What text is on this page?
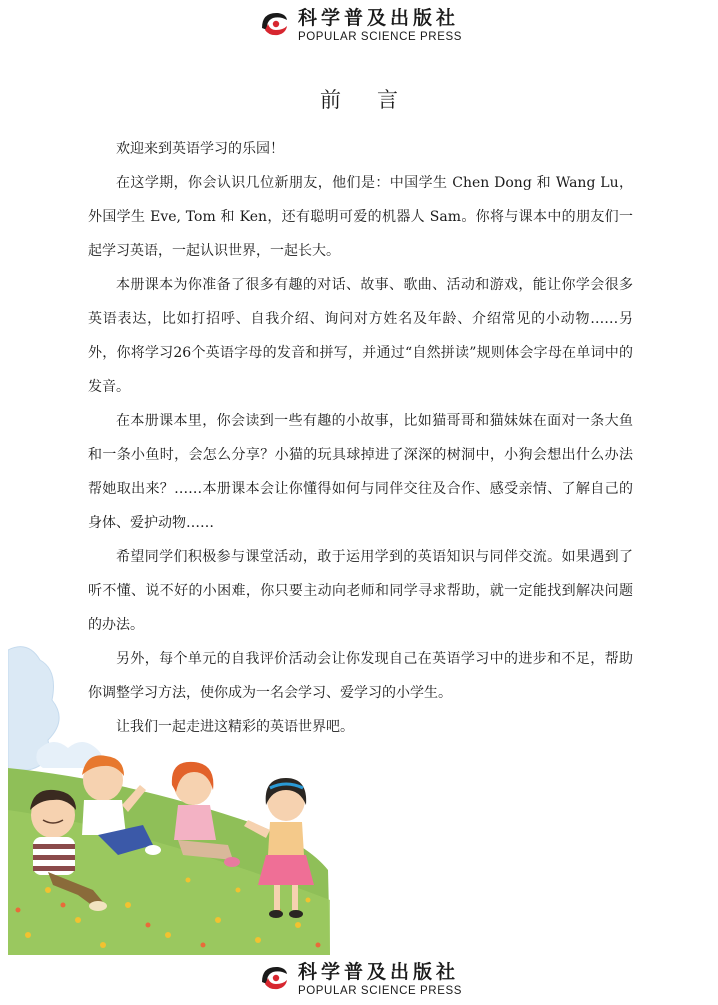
科学普及出版社
POPULAR SCIENCE PRESS
前言

欢迎来到英语学习的乐园！

在这学期，你会认识几位新朋友，他们是：中国学生 Chen Dong 和 Wang Lu，外国学生 Eve, Tom 和 Ken，还有聪明可爱的机器人 Sam。你将与课本中的朋友们一起学习英语，一起认识世界，一起长大。

本册课本为你准备了很多有趣的对话、故事、歌曲、活动和游戏，能让你学会很多英语表达，比如打招呼、自我介绍、询问对方姓名及年龄、介绍常见的小动物……另外，你将学习26个英语字母的发音和拼写，并通过“自然拼读”规则体会字母在单词中的发音。

在本册课本里，你会读到一些有趣的小故事，比如猫哥哥和猫妹妹在面对一条大鱼和一条小鱼时，会怎么分享？小猫的玩具球掉进了深深的树洞中，小狗会想出什么办法帮她取出来？……本册课本会让你懂得如何与同伴交往及合作、感受亲情、了解自己的身体、爱护动物……

希望同学们积极参与课堂活动，敢于运用学到的英语知识与同伴交流。如果遇到了听不懂、说不好的小困难，你只要主动向老师和同学寻求帮助，就一定能找到解决问题的办法。

另外，每个单元的自我评价活动会让你发现自己在英语学习中的进步和不足，帮助你调整学习方法，使你成为一名会学习、爱学习的小学生。

让我们一起走进这精彩的英语世界吧。

科学普及出版社
POPULAR SCIENCE PRESS
